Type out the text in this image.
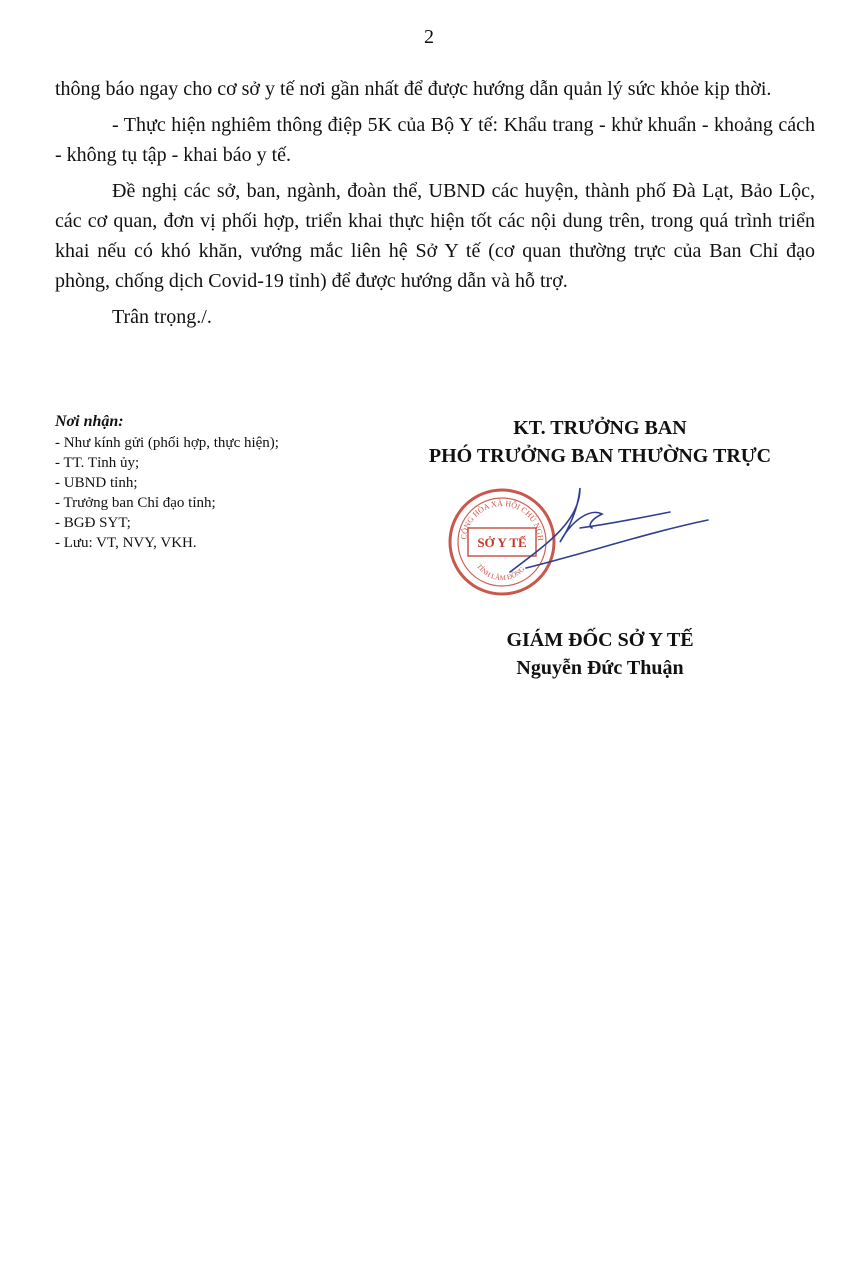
2

thông báo ngay cho cơ sở y tế nơi gần nhất để được hướng dẫn quản lý sức khỏe kịp thời.

- Thực hiện nghiêm thông điệp 5K của Bộ Y tế: Khẩu trang - khử khuẩn - khoảng cách - không tụ tập - khai báo y tế.

Đề nghị các sở, ban, ngành, đoàn thể, UBND các huyện, thành phố Đà Lạt, Bảo Lộc, các cơ quan, đơn vị phối hợp, triển khai thực hiện tốt các nội dung trên, trong quá trình triển khai nếu có khó khăn, vướng mắc liên hệ Sở Y tế (cơ quan thường trực của Ban Chỉ đạo phòng, chống dịch Covid-19 tỉnh) để được hướng dẫn và hỗ trợ.

Trân trọng./.

Nơi nhận:
- Như kính gửi (phối hợp, thực hiện);
- TT. Tỉnh ủy;
- UBND tỉnh;
- Trưởng ban Chỉ đạo tỉnh;
- BGĐ SYT;
- Lưu: VT, NVY, VKH.
KT. TRƯỞNG BAN
PHÓ TRƯỞNG BAN THƯỜNG TRỰC
CỘNG HÒA XÃ HỘI CHỦ NGH
TỈNH LÂM ĐỒNG
SỞ Y TẾ
GIÁM ĐỐC SỞ Y TẾ
Nguyễn Đức Thuận
